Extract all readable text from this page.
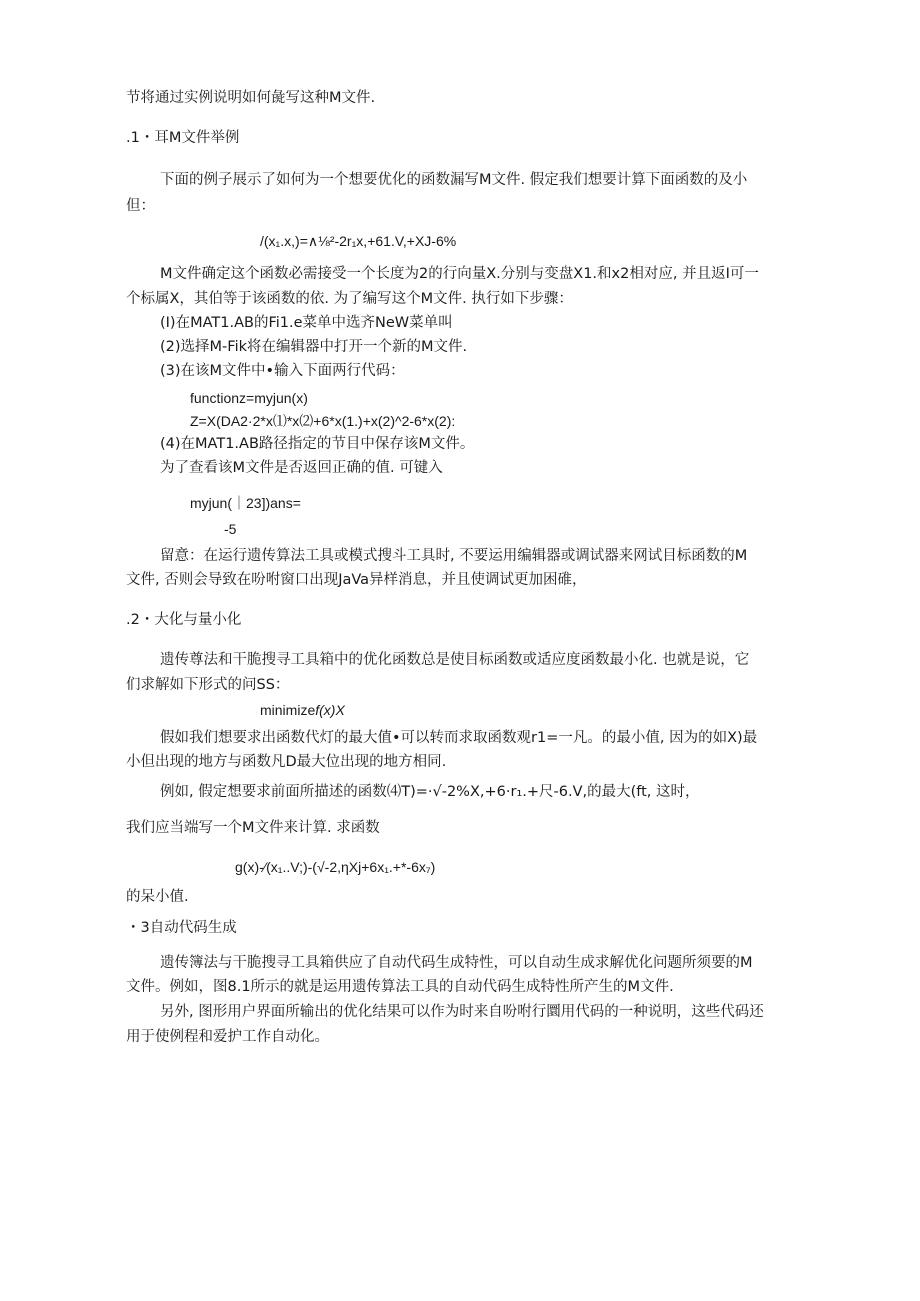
节将通过实例说明如何彘写这种M文件.
.1・耳M文件举例
下面的例子展示了如何为一个想要优化的函数漏写M文件. 假定我们想要计算下面函数的及小
但：
/(x₁.x,)=∧⅛²-2r₁x,+61.V,+XJ-6%
M文件确定这个函数必需接受一个长度为2的行向量X.分别与变盘X1.和x2相对应, 并且返I可一
个标属X，其伯等于该函数的依. 为了编写这个M文件. 执行如下步骤：
(I)在MAT1.AB的Fi1.e菜单中选齐NeW菜单叫
(2)选择M-Fik将在编辑器中打开一个新的M文件.
(3)在该M文件中•输入下面两行代码：
functionz=myjun(x)
Z=X(DA2·2*x⑴*x⑵+6*x(1.)+x(2)^2-6*x(2):
(4)在MAT1.AB路径指定的节目中保存该M文件。
为了查看该M文件是否返回正确的值. 可键入
myjun(｜23])ans=
-5
留意：在运行遗传算法工具或模式搜斗工具时, 不要运用编辑器或调试器来网试目标函数的M
文件, 否则会导致在吩咐窗口出现JaVa异样消息，并且使调试更加困碓，
.2・大化与量小化
遗传尊法和干脆搜寻工具箱中的优化函数总是使目标函数或适应度函数最小化. 也就是说，它
们求解如下形式的问SS：
minimizef(x)X
假如我们想要求出函数代灯的最大值•可以转而求取函数观r1=一凡。的最小值, 因为的如X)最
小但出现的地方与函数凡D最大位出现的地方相同.
例如, 假定想要求前面所描述的函数⑷T)=·√-2%X,+6·r₁.+尺-6.V,的最大(ft, 这时，
我们应当端写一个M文件来计算. 求函数
g(x)-∕(x₁..V;)-(√-2,ηXj+6x₁.+*-6x₇)
的呆小值.
・3自动代码生成
遗传簿法与干脆搜寻工具箱供应了自动代码生成特性，可以自动生成求解优化问题所须要的M
文件。例如，图8.1所示的就是运用遗传算法工具的自动代码生成特性所产生的M文件.
另外, 图形用户界面所输出的优化结果可以作为时来自吩咐行圜用代码的一种说明，这些代码还
用于使例程和爱护工作自动化。
